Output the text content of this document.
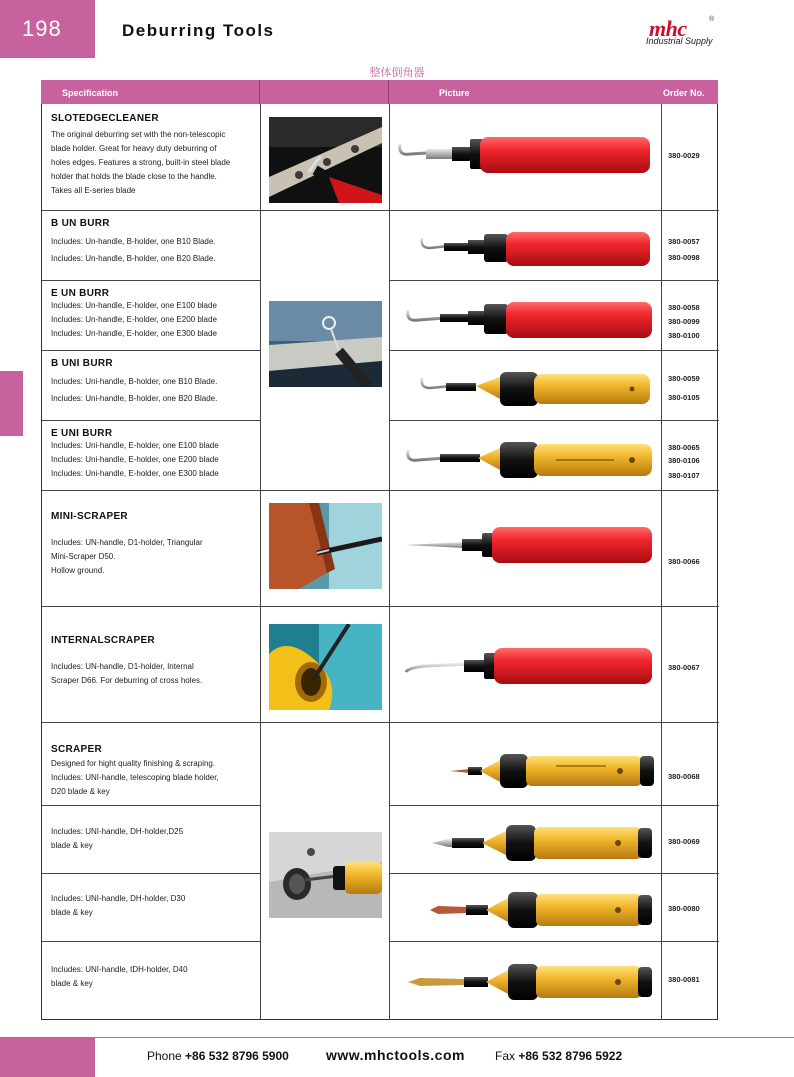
198	Deburring Tools	mhc	®
Industrial Supply
整体倒角器
Specification	Picture	Order No.
SLOTEDGECLEANER
The original deburring set with the non-telescopic
blade holder. Great for heavy duty deburring of
holes edges. Features a strong, built-in steel blade
holder that holds the blade close to the handle.
Takes all E-series blade
380-0029
B UN BURR
Includes: Un-handle, B-holder, one B10 Blade.
Includes: Un-handle, B-holder, one B20 Blade.
380-0057
380-0098
E UN BURR
Includes: Un-handle, E-holder, one E100 blade
Includes: Un-handle, E-holder, one E200 blade
Includes: Un-handle, E-holder, one E300 blade
380-0058
380-0099
380-0100
B UNI BURR
Includes: Uni-handle, B-holder, one B10 Blade.
Includes: Uni-handle, B-holder, one B20 Blade.
380-0059
380-0105
E UNI BURR
Includes: Uni-handle, E-holder, one E100 blade
Includes: Uni-handle, E-holder, one E200 blade
Includes: Uni-handle, E-holder, one E300 blade
380-0065
380-0106
380-0107
MINI-SCRAPER
Includes: UN-handle, D1-holder, Triangular
Mini-Scraper D50.
Hollow ground.
380-0066
INTERNALSCRAPER
Includes: UN-handle, D1-holder, Internal
Scraper D66. For deburring of cross holes.
380-0067
SCRAPER
Designed for hight quality finishing & scraping.
Includes: UNI-handle, telescoping blade holder,
D20 blade & key
380-0068
Includes: UNI-handle, DH-holder,D25
blade & key	380-0069
Includes: UNI-handle, DH-holder, D30
blade & key	380-0080
Includes: UNI-handle, tDH-holder, D40
blade & key	380-0081
Phone +86 532 8796 5900	www.mhctools.com	Fax +86 532 8796 5922
